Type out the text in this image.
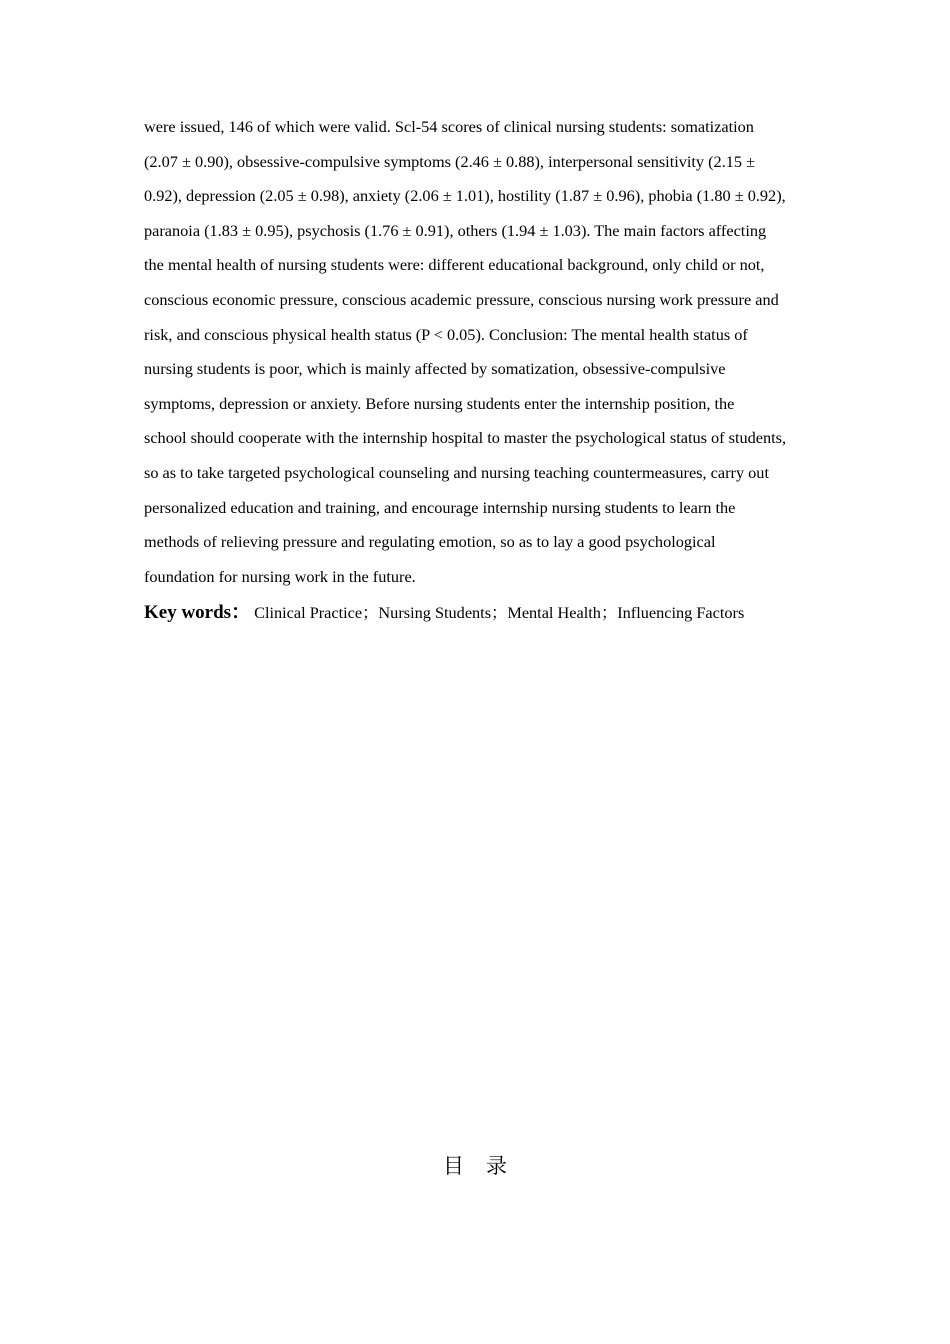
were issued, 146 of which were valid. Scl-54 scores of clinical nursing students: somatization
(2.07 ± 0.90), obsessive-compulsive symptoms (2.46 ± 0.88), interpersonal sensitivity (2.15 ±
0.92), depression (2.05 ± 0.98), anxiety (2.06 ± 1.01), hostility (1.87 ± 0.96), phobia (1.80 ± 0.92),
paranoia (1.83 ± 0.95), psychosis (1.76 ± 0.91), others (1.94 ± 1.03). The main factors affecting
the mental health of nursing students were: different educational background, only child or not,
conscious economic pressure, conscious academic pressure, conscious nursing work pressure and
risk, and conscious physical health status (P < 0.05). Conclusion: The mental health status of
nursing students is poor, which is mainly affected by somatization, obsessive-compulsive
symptoms, depression or anxiety. Before nursing students enter the internship position, the
school should cooperate with the internship hospital to master the psychological status of students,
so as to take targeted psychological counseling and nursing teaching countermeasures, carry out
personalized education and training, and encourage internship nursing students to learn the
methods of relieving pressure and regulating emotion, so as to lay a good psychological
foundation for nursing work in the future.
Key words： Clinical Practice；Nursing Students；Mental Health；Influencing Factors
目 录
